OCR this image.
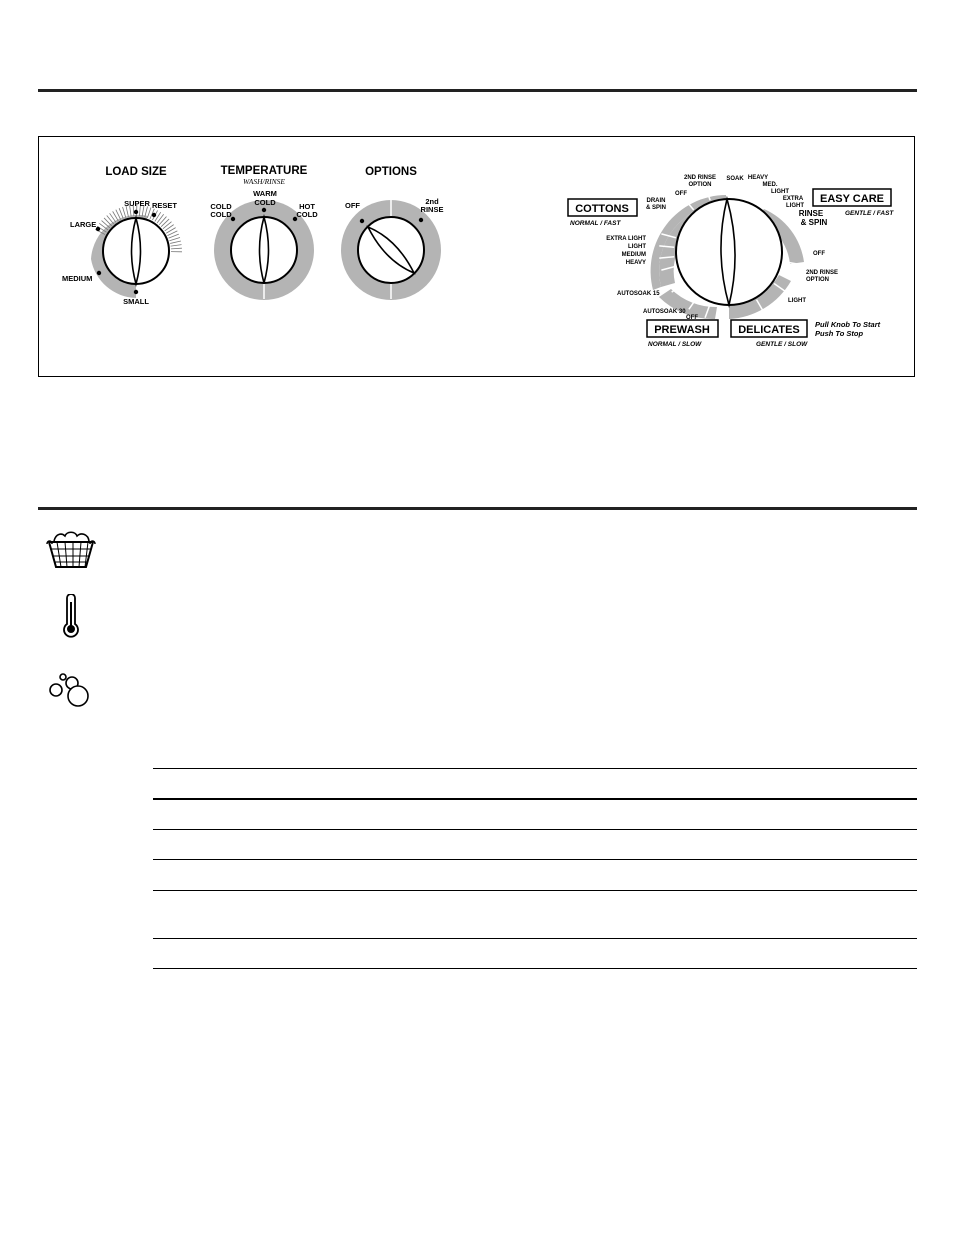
LOAD SIZE
SUPER RESET
LARGE
MEDIUM
SMALL
TEMPERATURE
WASH/RINSE
WARM
COLD
COLD
COLD
HOT
COLD
OPTIONS
OFF	2nd
RINSE	COTTONS
NORMAL / FAST
EASY CARE
GENTLE / FAST
PREWASH
NORMAL / SLOW
DELICATES
GENTLE / SLOW
Pull Knob To Start
Push To Stop
2ND RINSE
OPTION
SOAK HEAVY
MED.
LIGHT
EXTRA
LIGHT
OFF
DRAIN
& SPIN
EXTRA LIGHT
LIGHT
MEDIUM
HEAVY
AUTOSOAK 15
AUTOSOAK 30
OFF
OFF
2ND RINSE
OPTION
LIGHT
RINSE
& SPIN
